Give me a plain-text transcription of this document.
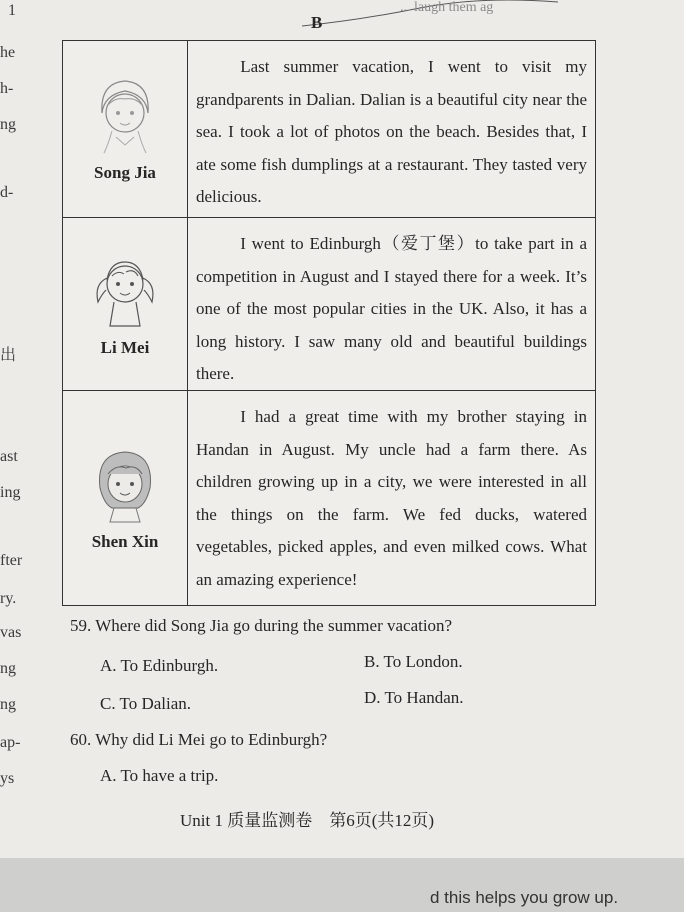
1
he
h-
ng
d-
出
ast
ing
fter
ry.
vas
ng
ng
ap-
ys
... laugh them ag
B
Song Jia

Last summer vacation, I went to visit my grandparents in Dalian. Dalian is a beautiful city near the sea. I took a lot of photos on the beach. Besides that, I ate some fish dumplings at a restaurant. They tasted very delicious.

Li Mei

I went to Edinburgh（爱丁堡）to take part in a competition in August and I stayed there for a week. It’s one of the most popular cities in the UK. Also, it has a long history. I saw many old and beautiful buildings there.

Shen Xin

I had a great time with my brother staying in Handan in August. My uncle had a farm there. As children growing up in a city, we were interested in all the things on the farm. We fed ducks, watered vegetables, picked apples, and even milked cows. What an amazing experience!

59. Where did Song Jia go during the summer vacation?
A. To Edinburgh.	B. To London.
C. To Dalian.	D. To Handan.
60. Why did Li Mei go to Edinburgh?
A. To have a trip.
Unit 1 质量监测卷　第6页(共12页)
d this helps you grow up.
